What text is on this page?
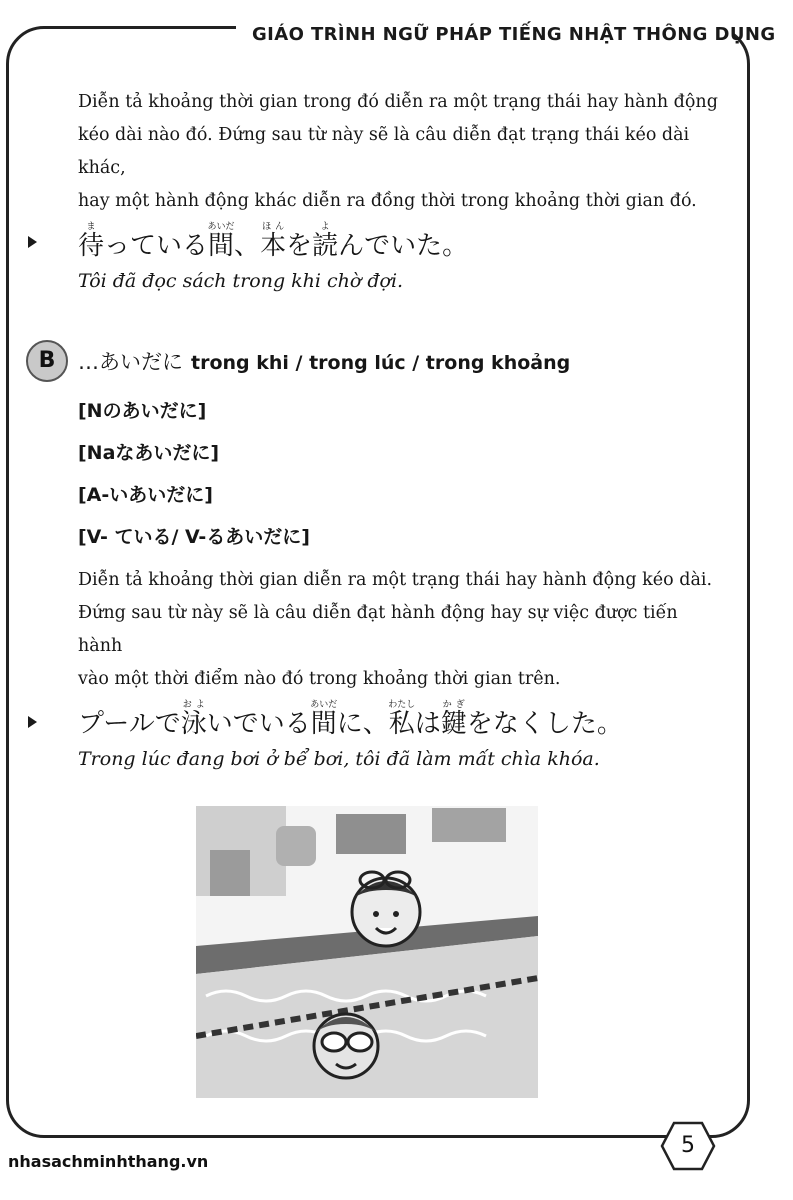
GIÁO TRÌNH NGỮ PHÁP TIẾNG NHẬT THÔNG DỤNG

Diễn tả khoảng thời gian trong đó diễn ra một trạng thái hay hành động
kéo dài nào đó. Đứng sau từ này sẽ là câu diễn đạt trạng thái kéo dài khác,
hay một hành động khác diễn ra đồng thời trong khoảng thời gian đó.

待まっている間あいだ、本ほんを読よんでいた。
Tôi đã đọc sách trong khi chờ đợi.
B	…あいだに trong khi / trong lúc / trong khoảng
[Nのあいだに]
[Naなあいだに]
[A-いあいだに]
[V- ている/ V-るあいだに]

Diễn tả khoảng thời gian diễn ra một trạng thái hay hành động kéo dài.
Đứng sau từ này sẽ là câu diễn đạt hành động hay sự việc được tiến hành
vào một thời điểm nào đó trong khoảng thời gian trên.

プールで泳およいでいる間あいだに、私わたしは鍵かぎをなくした。
Trong lúc đang bơi ở bể bơi, tôi đã làm mất chìa khóa.
5
nhasachminhthang.vn
